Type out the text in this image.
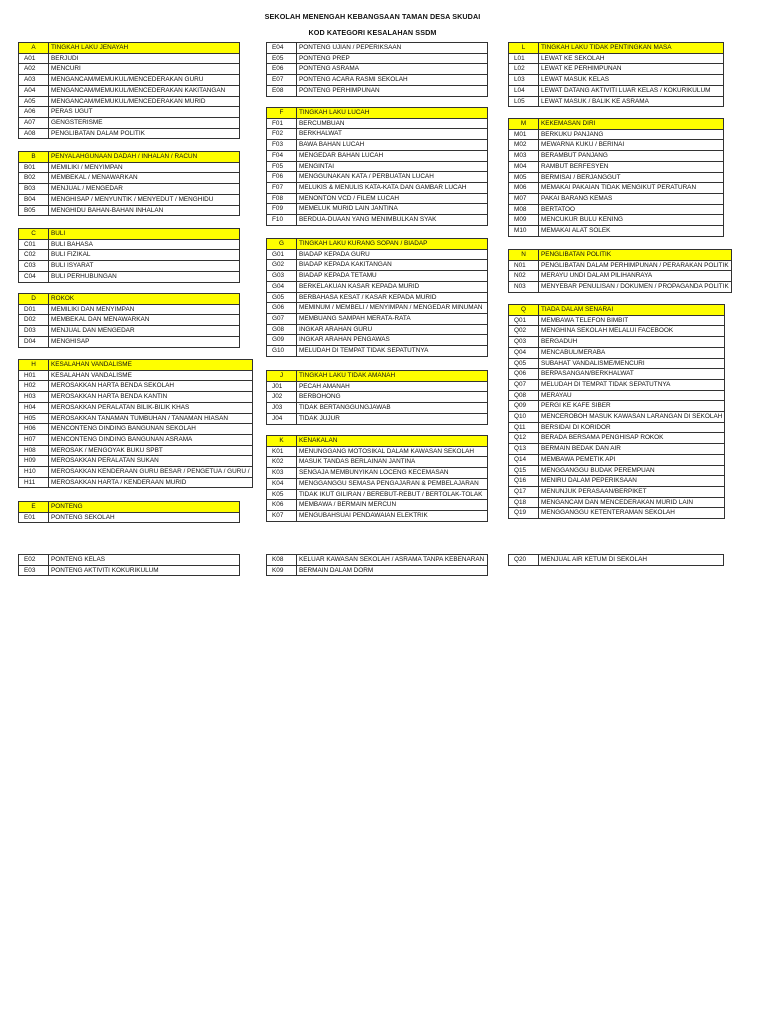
SEKOLAH MENENGAH KEBANGSAAN TAMAN DESA SKUDAI
KOD KATEGORI KESALAHAN SSDM
A	TINGKAH LAKU JENAYAH
A01	BERJUDI
A02	MENCURI
A03	MENGANCAM/MEMUKUL/MENCEDERAKAN GURU
A04	MENGANCAM/MEMUKUL/MENCEDERAKAN KAKITANGAN
A05	MENGANCAM/MEMUKUL/MENCEDERAKAN MURID
A06	PERAS UGUT
A07	GENGSTERISME
A08	PENGLIBATAN DALAM POLITIK
B	PENYALAHGUNAAN DADAH / INHALAN / RACUN
B01	MEMILIKI / MENYIMPAN
B02	MEMBEKAL / MENAWARKAN
B03	MENJUAL / MENGEDAR
B04	MENGHISAP / MENYUNTIK / MENYEDUT / MENGHIDU
B05	MENGHIDU BAHAN-BAHAN INHALAN
C	BULI
C01	BULI BAHASA
C02	BULI FIZIKAL
C03	BULI ISYARAT
C04	BULI PERHUBUNGAN
D	ROKOK
D01	MEMILIKI DAN MENYIMPAN
D02	MEMBEKAL DAN MENAWARKAN
D03	MENJUAL DAN MENGEDAR
D04	MENGHISAP
H	KESALAHAN VANDALISME
H01	KESALAHAN VANDALISME
H02	MEROSAKKAN HARTA BENDA SEKOLAH
H03	MEROSAKKAN HARTA BENDA KANTIN
H04	MEROSAKKAN PERALATAN BILIK-BILIK KHAS
H05	MEROSAKKAN TANAMAN TUMBUHAN / TANAMAN HIASAN
H06	MENCONTENG DINDING BANGUNAN SEKOLAH
H07	MENCONTENG DINDING BANGUNAN ASRAMA
H08	MEROSAK / MENGOYAK BUKU SPBT
H09	MEROSAKKAN PERALATAN SUKAN
H10	MEROSAKKAN KENDERAAN GURU BESAR / PENGETUA / GURU /
H11	MEROSAKKAN HARTA / KENDERAAN MURID
E	PONTENG
E01	PONTENG SEKOLAH
E02	PONTENG KELAS
E03	PONTENG AKTIVITI KOKURIKULUM
E04	PONTENG UJIAN / PEPERIKSAAN
E05	PONTENG PREP
E06	PONTENG ASRAMA
E07	PONTENG ACARA RASMI SEKOLAH
E08	PONTENG PERHIMPUNAN
F	TINGKAH LAKU LUCAH
F01	BERCUMBUAN
F02	BERKHALWAT
F03	BAWA BAHAN LUCAH
F04	MENGEDAR BAHAN LUCAH
F05	MENGINTAI
F06	MENGGUNAKAN KATA / PERBUATAN LUCAH
F07	MELUKIS & MENULIS KATA-KATA DAN GAMBAR LUCAH
F08	MENONTON VCD / FILEM LUCAH
F09	MEMELUK MURID LAIN JANTINA
F10	BERDUA-DUAAN YANG MENIMBULKAN SYAK
G	TINGKAH LAKU KURANG SOPAN / BIADAP
G01	BIADAP KEPADA GURU
G02	BIADAP KEPADA KAKITANGAN
G03	BIADAP KEPADA TETAMU
G04	BERKELAKUAN KASAR KEPADA MURID
G05	BERBAHASA KESAT / KASAR KEPADA MURID
G06	MEMINUM / MEMBELI / MENYIMPAN / MENGEDAR MINUMAN
G07	MEMBUANG SAMPAH MERATA-RATA
G08	INGKAR ARAHAN GURU
G09	INGKAR ARAHAN PENGAWAS
G10	MELUDAH DI TEMPAT TIDAK SEPATUTNYA
J	TINGKAH LAKU TIDAK AMANAH
J01	PECAH AMANAH
J02	BERBOHONG
J03	TIDAK BERTANGGUNGJAWAB
J04	TIDAK JUJUR
K	KENAKALAN
K01	MENUNGGANG MOTOSIKAL DALAM KAWASAN SEKOLAH
K02	MASUK TANDAS BERLAINAN JANTINA
K03	SENGAJA MEMBUNYIKAN LOCENG KECEMASAN
K04	MENGGANGGU SEMASA PENGAJARAN & PEMBELAJARAN
K05	TIDAK IKUT GILIRAN / BEREBUT-REBUT / BERTOLAK-TOLAK
K06	MEMBAWA / BERMAIN MERCUN
K07	MENGUBAHSUAI PENDAWAIAN ELEKTRIK
K08	KELUAR KAWASAN SEKOLAH / ASRAMA TANPA KEBENARAN
K09	BERMAIN DALAM DORM
L	TINGKAH LAKU TIDAK PENTINGKAN MASA
L01	LEWAT KE SEKOLAH
L02	LEWAT KE PERHIMPUNAN
L03	LEWAT MASUK KELAS
L04	LEWAT DATANG AKTIVITI LUAR KELAS / KOKURIKULUM
L05	LEWAT MASUK / BALIK KE ASRAMA
M	KEKEMASAN DIRI
M01	BERKUKU PANJANG
M02	MEWARNA KUKU / BERINAI
M03	BERAMBUT PANJANG
M04	RAMBUT BERFESYEN
M05	BERMISAI / BERJANGGUT
M06	MEMAKAI PAKAIAN TIDAK MENGIKUT PERATURAN
M07	PAKAI BARANG KEMAS
M08	BERTATOO
M09	MENCUKUR BULU KENING
M10	MEMAKAI ALAT SOLEK
N	PENGLIBATAN POLITIK
N01	PENGLIBATAN DALAM PERHIMPUNAN / PERARAKAN POLITIK
N02	MERAYU UNDI DALAM PILIHANRAYA
N03	MENYEBAR PENULISAN / DOKUMEN / PROPAGANDA POLITIK
Q	TIADA DALAM SENARAI
Q01	MEMBAWA TELEFON BIMBIT
Q02	MENGHINA SEKOLAH MELALUI FACEBOOK
Q03	BERGADUH
Q04	MENCABUL/MERABA
Q05	SUBAHAT VANDALISME/MENCURI
Q06	BERPASANGAN/BERKHALWAT
Q07	MELUDAH DI TEMPAT TIDAK SEPATUTNYA
Q08	MERAYAU
Q09	PERGI KE KAFE SIBER
Q10	MENCEROBOH MASUK KAWASAN LARANGAN DI SEKOLAH
Q11	BERSIDAI DI KORIDOR
Q12	BERADA BERSAMA PENGHISAP ROKOK
Q13	BERMAIN BEDAK DAN AIR
Q14	MEMBAWA PEMETIK API
Q15	MENGGANGGU BUDAK PEREMPUAN
Q16	MENIRU DALAM PEPERIKSAAN
Q17	MENUNJUK PERASAAN/BERPIKET
Q18	MENGANCAM DAN MENCEDERAKAN MURID LAIN
Q19	MENGGANGGU KETENTERAMAN SEKOLAH
Q20	MENJUAL AIR KETUM DI SEKOLAH
